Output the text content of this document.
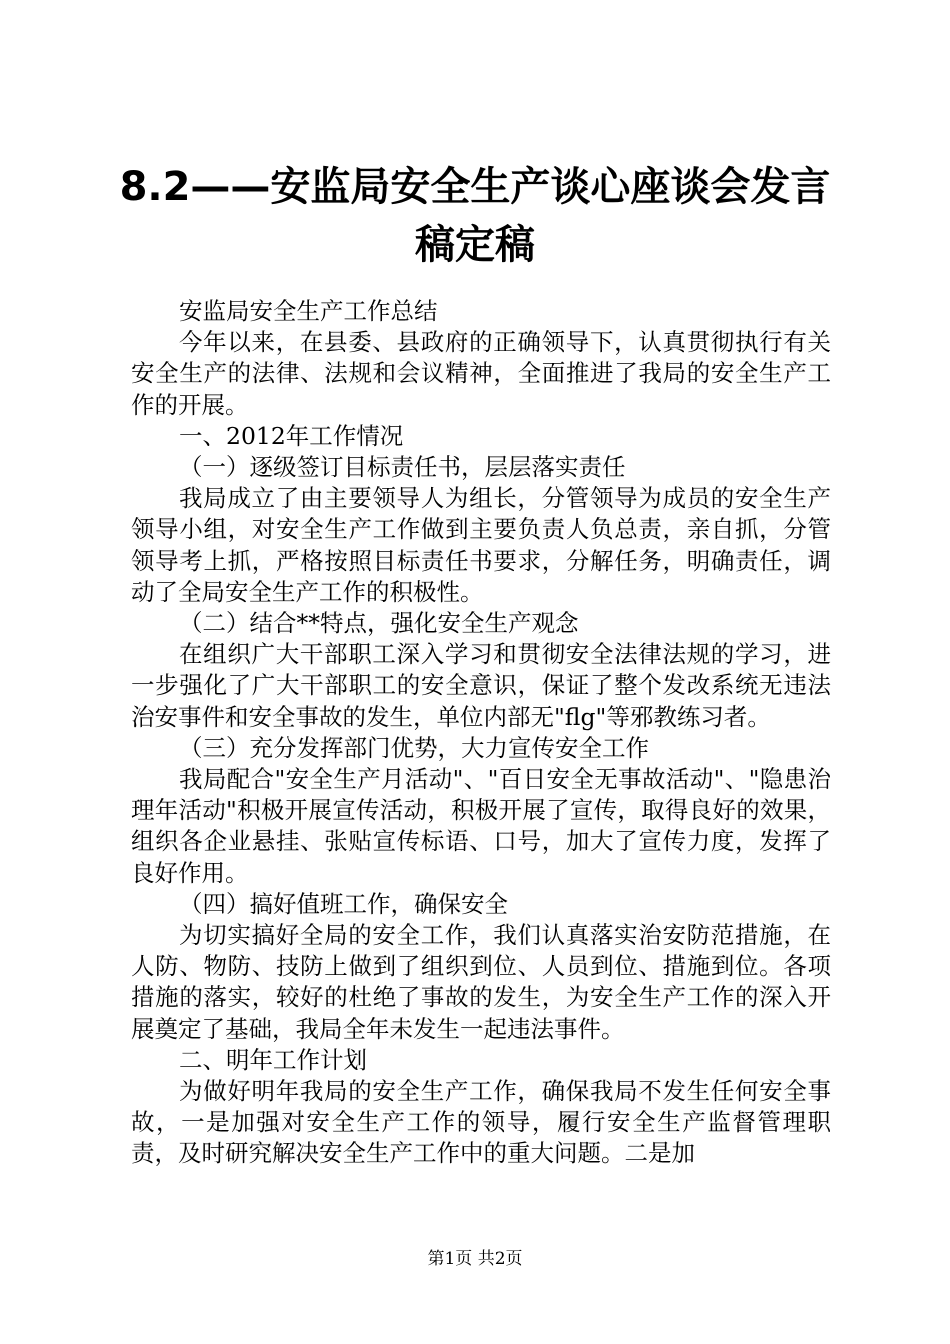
8.2——安监局安全生产谈心座谈会发言稿定稿

安监局安全生产工作总结

今年以来，在县委、县政府的正确领导下，认真贯彻执行有关安全生产的法律、法规和会议精神，全面推进了我局的安全生产工作的开展。

一、2012年工作情况

（一）逐级签订目标责任书，层层落实责任

我局成立了由主要领导人为组长，分管领导为成员的安全生产领导小组，对安全生产工作做到主要负责人负总责，亲自抓，分管领导考上抓，严格按照目标责任书要求，分解任务，明确责任，调动了全局安全生产工作的积极性。

（二）结合**特点，强化安全生产观念

在组织广大干部职工深入学习和贯彻安全法律法规的学习，进一步强化了广大干部职工的安全意识，保证了整个发改系统无违法治安事件和安全事故的发生，单位内部无"flg"等邪教练习者。

（三）充分发挥部门优势，大力宣传安全工作

我局配合"安全生产月活动"、"百日安全无事故活动"、"隐患治理年活动"积极开展宣传活动，积极开展了宣传，取得良好的效果，组织各企业悬挂、张贴宣传标语、口号，加大了宣传力度，发挥了良好作用。

（四）搞好值班工作，确保安全

为切实搞好全局的安全工作，我们认真落实治安防范措施，在人防、物防、技防上做到了组织到位、人员到位、措施到位。各项措施的落实，较好的杜绝了事故的发生，为安全生产工作的深入开展奠定了基础，我局全年未发生一起违法事件。

二、明年工作计划

为做好明年我局的安全生产工作，确保我局不发生任何安全事故，一是加强对安全生产工作的领导，履行安全生产监督管理职责，及时研究解决安全生产工作中的重大问题。二是加

第1页 共2页
